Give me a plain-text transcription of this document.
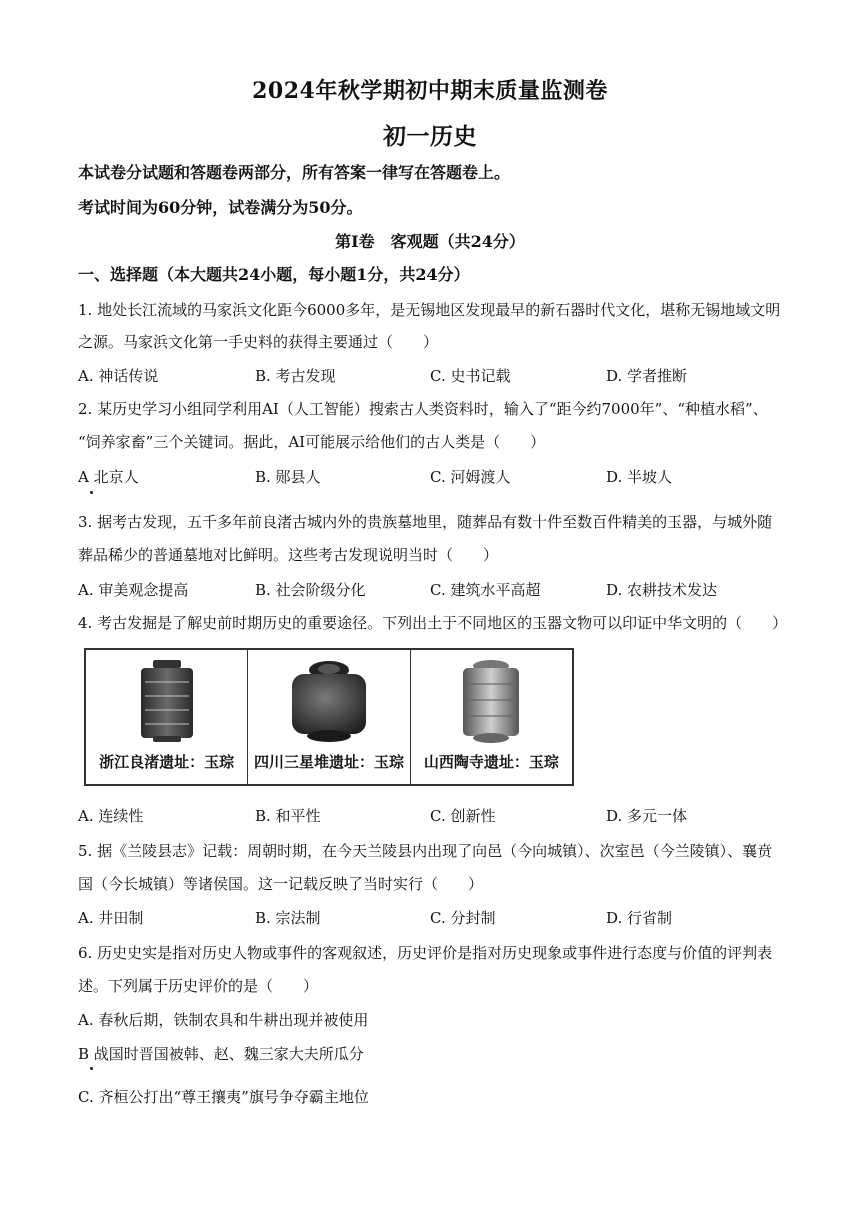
2024年秋学期初中期末质量监测卷
初一历史
本试卷分试题和答题卷两部分，所有答案一律写在答题卷上。
考试时间为60分钟，试卷满分为50分。
第Ⅰ卷　客观题（共24分）
一、选择题（本大题共24小题，每小题1分，共24分）
1. 地处长江流域的马家浜文化距今6000多年，是无锡地区发现最早的新石器时代文化，堪称无锡地域文明
之源。马家浜文化第一手史料的获得主要通过（　　）
A. 神话传说	B. 考古发现	C. 史书记载	D. 学者推断
2. 某历史学习小组同学利用AI（人工智能）搜索古人类资料时，输入了“距今约7000年”、“种植水稻”、
“饲养家畜”三个关键词。据此，AI可能展示给他们的古人类是（　　）
A 北京人	B. 郧县人	C. 河姆渡人	D. 半坡人
3. 据考古发现，五千多年前良渚古城内外的贵族墓地里，随葬品有数十件至数百件精美的玉器，与城外随
葬品稀少的普通墓地对比鲜明。这些考古发现说明当时（　　）
A. 审美观念提高	B. 社会阶级分化	C. 建筑水平高超	D. 农耕技术发达
4. 考古发掘是了解史前时期历史的重要途径。下列出土于不同地区的玉器文物可以印证中华文明的（　　）
浙江良渚遗址：玉琮	四川三星堆遗址：玉琮	山西陶寺遗址：玉琮
A. 连续性	B. 和平性	C. 创新性	D. 多元一体
5. 据《兰陵县志》记载：周朝时期，在今天兰陵县内出现了向邑（今向城镇）、次室邑（今兰陵镇）、襄贲
国（今长城镇）等诸侯国。这一记载反映了当时实行（　　）
A. 井田制	B. 宗法制	C. 分封制	D. 行省制
6. 历史史实是指对历史人物或事件的客观叙述，历史评价是指对历史现象或事件进行态度与价值的评判表
述。下列属于历史评价的是（　　）
A. 春秋后期，铁制农具和牛耕出现并被使用
B 战国时晋国被韩、赵、魏三家大夫所瓜分
C. 齐桓公打出“尊王攘夷”旗号争夺霸主地位
